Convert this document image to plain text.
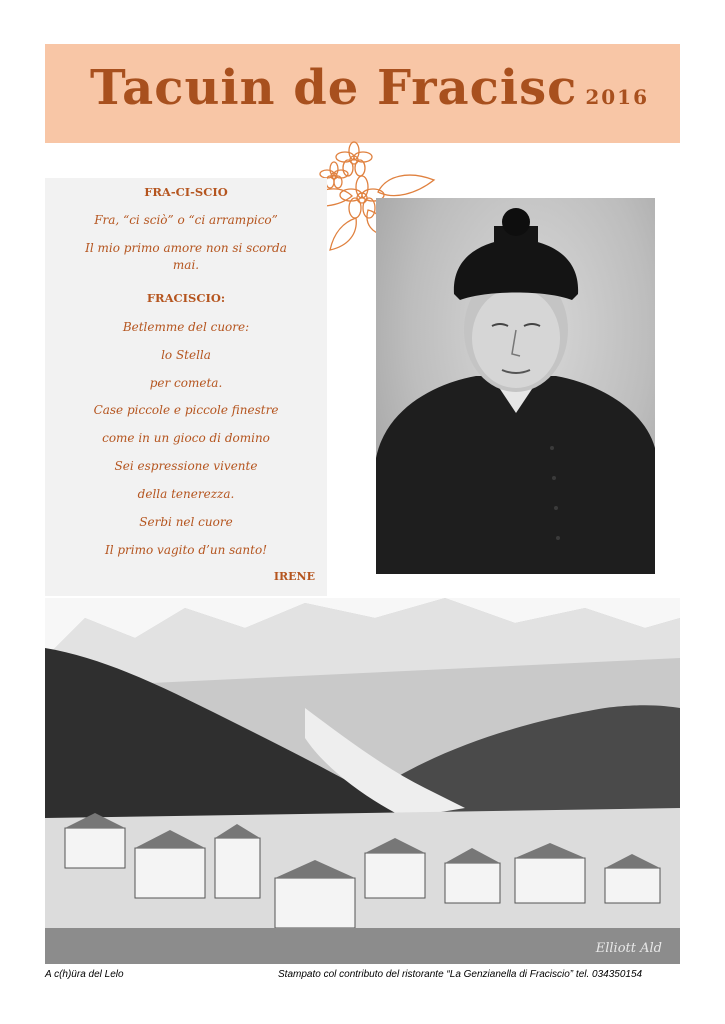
Tacuin de Fracisc 2016
FRA-CI-SCIO
Fra, “ci sciò” o “ci arrampico”
Il mio primo amore non si scorda
mai.
FRACISCIO:
Betlemme del cuore:
lo Stella
per cometa.
Case piccole e piccole finestre
come in un gioco di domino
Sei espressione vivente
della tenerezza.
Serbi nel cuore
Il primo vagito d’un santo!
IRENE
Elliott Ald
A c(h)üra del Lelo	Stampato col contributo del ristorante “La Genzianella di Fraciscio” tel. 034350154
